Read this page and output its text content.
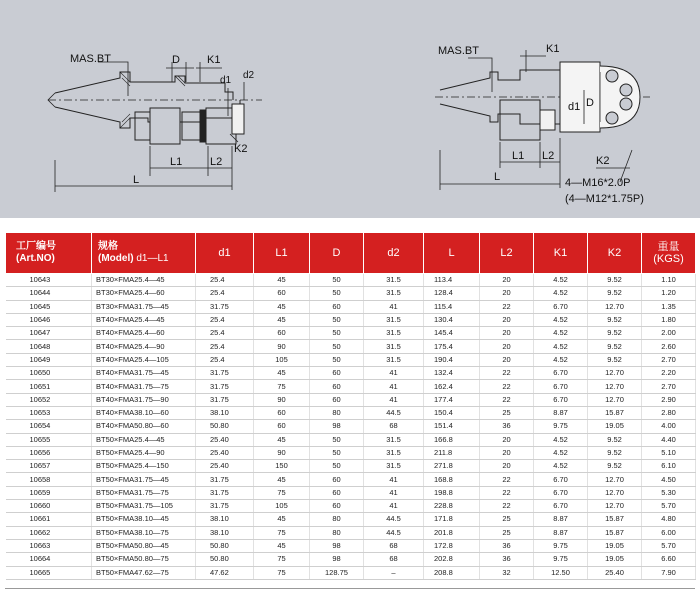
MAS.BT	D K1
d1 d2
K2
L1	L2
L
MAS.BT	K1
d1 D
L1 L2
L
K2
4—M16*2.0P
(4—M12*1.75P)
工厂编号
(Art.NO)	规格
(Model) d1—L1	d1	L1	D	d2	L	L2	K1	K2	重量
(KGS)

10643	BT30×FMA25.4—45	25.4	45	50	31.5	113.4	20	4.52	9.52	1.10
10644	BT30×FMA25.4—60	25.4	60	50	31.5	128.4	20	4.52	9.52	1.20
10645	BT30×FMA31.75—45	31.75	45	60	41	115.4	22	6.70	12.70	1.35
10646	BT40×FMA25.4—45	25.4	45	50	31.5	130.4	20	4.52	9.52	1.80
10647	BT40×FMA25.4—60	25.4	60	50	31.5	145.4	20	4.52	9.52	2.00
10648	BT40×FMA25.4—90	25.4	90	50	31.5	175.4	20	4.52	9.52	2.60
10649	BT40×FMA25.4—105	25.4	105	50	31.5	190.4	20	4.52	9.52	2.70
10650	BT40×FMA31.75—45	31.75	45	60	41	132.4	22	6.70	12.70	2.20
10651	BT40×FMA31.75—75	31.75	75	60	41	162.4	22	6.70	12.70	2.70
10652	BT40×FMA31.75—90	31.75	90	60	41	177.4	22	6.70	12.70	2.90
10653	BT40×FMA38.10—60	38.10	60	80	44.5	150.4	25	8.87	15.87	2.80
10654	BT40×FMA50.80—60	50.80	60	98	68	151.4	36	9.75	19.05	4.00
10655	BT50×FMA25.4—45	25.40	45	50	31.5	166.8	20	4.52	9.52	4.40
10656	BT50×FMA25.4—90	25.40	90	50	31.5	211.8	20	4.52	9.52	5.10
10657	BT50×FMA25.4—150	25.40	150	50	31.5	271.8	20	4.52	9.52	6.10
10658	BT50×FMA31.75—45	31.75	45	60	41	168.8	22	6.70	12.70	4.50
10659	BT50×FMA31.75—75	31.75	75	60	41	198.8	22	6.70	12.70	5.30
10660	BT50×FMA31.75—105	31.75	105	60	41	228.8	22	6.70	12.70	5.70
10661	BT50×FMA38.10—45	38.10	45	80	44.5	171.8	25	8.87	15.87	4.80
10662	BT50×FMA38.10—75	38.10	75	80	44.5	201.8	25	8.87	15.87	6.00
10663	BT50×FMA50.80—45	50.80	45	98	68	172.8	36	9.75	19.05	5.70
10664	BT50×FMA50.80—75	50.80	75	98	68	202.8	36	9.75	19.05	6.60
10665	BT50×FMA47.62—75	47.62	75	128.75	–	208.8	32	12.50	25.40	7.90
